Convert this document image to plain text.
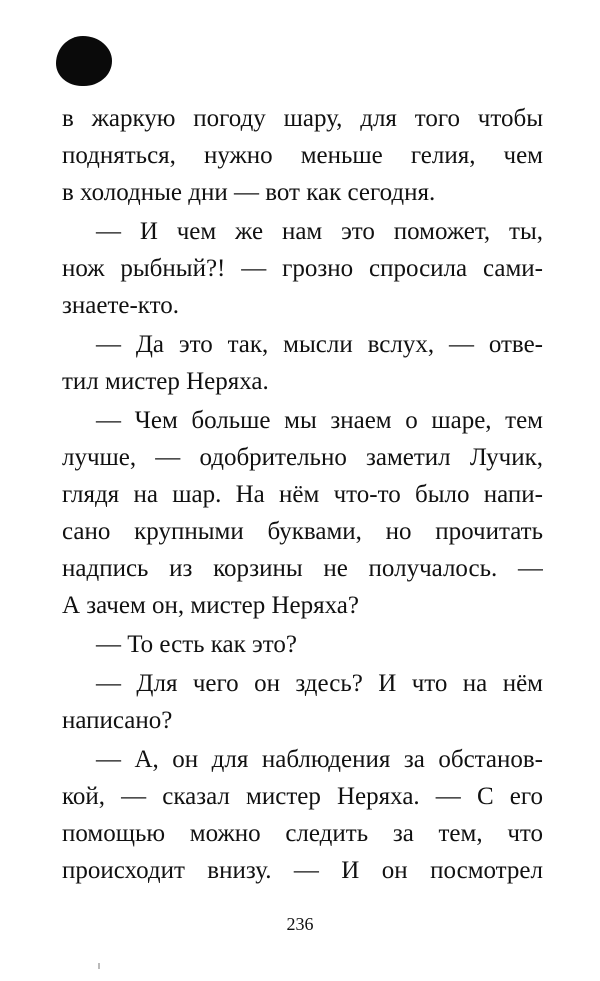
в жаркую погоду шару, для того чтобы
подняться, нужно меньше гелия, чем
в холодные дни — вот как сегодня.
— И чем же нам это поможет, ты,
нож рыбный?! — грозно спросила сами-
знаете-кто.
— Да это так, мысли вслух, — отве-
тил мистер Неряха.
— Чем больше мы знаем о шаре, тем
лучше, — одобрительно заметил Лучик,
глядя на шар. На нём что-то было напи-
сано крупными буквами, но прочитать
надпись из корзины не получалось. —
А зачем он, мистер Неряха?
— То есть как это?
— Для чего он здесь? И что на нём
написано?
— А, он для наблюдения за обстанов-
кой, — сказал мистер Неряха. — С его
помощью можно следить за тем, что
происходит внизу. — И он посмотрел
236
